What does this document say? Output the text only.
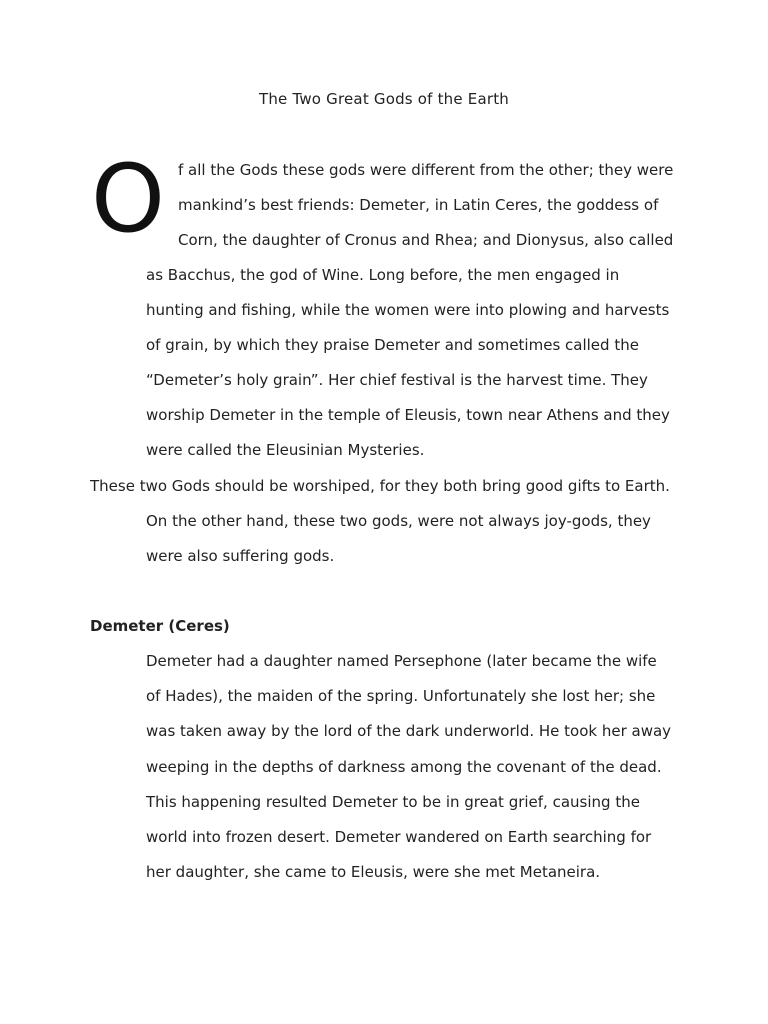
The Two Great Gods of the Earth
O f all the Gods these gods were different from the other; they were
mankind’s best friends: Demeter, in Latin Ceres, the goddess of
Corn, the daughter of Cronus and Rhea; and Dionysus, also called
as Bacchus, the god of Wine. Long before, the men engaged in
hunting and fishing, while the women were into plowing and harvests
of grain, by which they praise Demeter and sometimes called the
“Demeter’s holy grain”. Her chief festival is the harvest time. They
worship Demeter in the temple of Eleusis, town near Athens and they
were called the Eleusinian Mysteries.
These two Gods should be worshiped, for they both bring good gifts to Earth.
On the other hand, these two gods, were not always joy-gods, they
were also suffering gods.
Demeter (Ceres)
Demeter had a daughter named Persephone (later became the wife
of Hades), the maiden of the spring. Unfortunately she lost her; she
was taken away by the lord of the dark underworld. He took her away
weeping in the depths of darkness among the covenant of the dead.
This happening resulted Demeter to be in great grief, causing the
world into frozen desert. Demeter wandered on Earth searching for
her daughter, she came to Eleusis, were she met Metaneira.
